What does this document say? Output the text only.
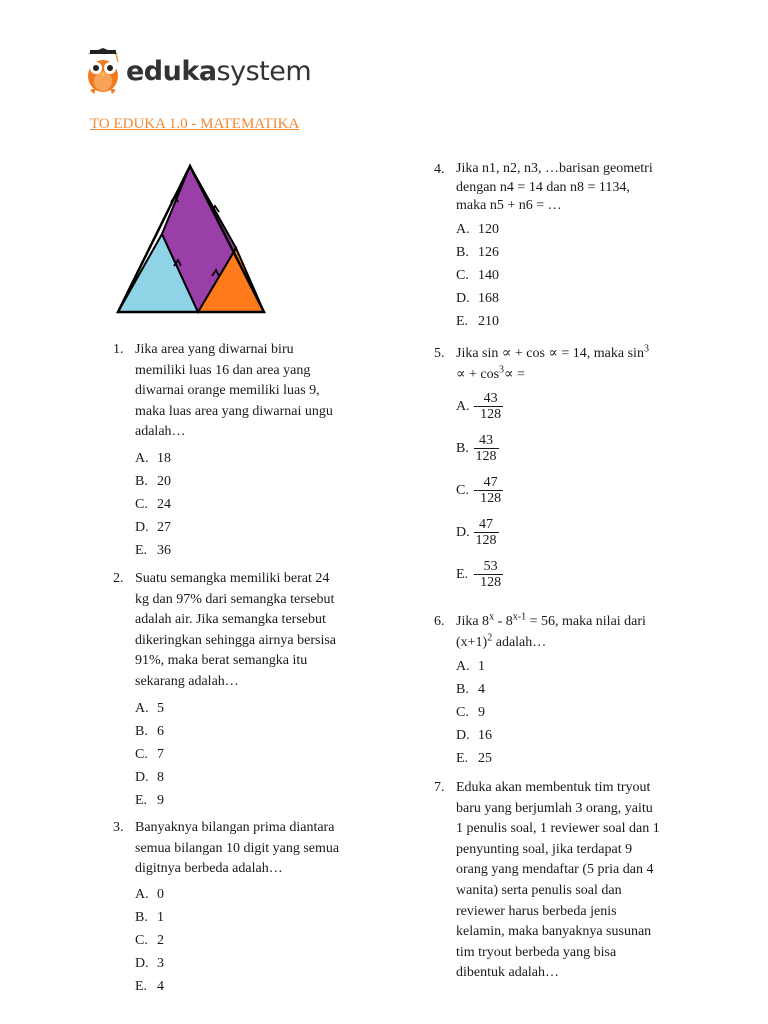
edukasystem
TO EDUKA 1.0 - MATEMATIKA
1. Jika area yang diwarnai biru
memiliki luas 16 dan area yang
diwarnai orange memiliki luas 9,
maka luas area yang diwarnai ungu
adalah…
A. 18
B. 20
C. 24
D. 27
E. 36
2. Suatu semangka memiliki berat 24
kg dan 97% dari semangka tersebut
adalah air. Jika semangka tersebut
dikeringkan sehingga airnya bersisa
91%, maka berat semangka itu
sekarang adalah…
A. 5
B. 6
C. 7
D. 8
E. 9
3. Banyaknya bilangan prima diantara
semua bilangan 10 digit yang semua
digitnya berbeda adalah…
A. 0
B. 1
C. 2
D. 3
E. 4
4. Jika n1, n2, n3, …barisan geometri
dengan n4 = 14 dan n8 = 1134,
maka n5 + n6 = …
A. 120
B. 126
C. 140
D. 168
E. 210
5. Jika sin ∝ + cos ∝ = 14, maka $\sin^3$
∝ + $\cos^3\propto$ =
A. - $\frac{43}{128}$
B. $\frac{43}{128}$
C. - $\frac{47}{128}$
D. $\frac{47}{128}$
E. - $\frac{53}{128}$
6. Jika $8^x - 8^{x-1} = 56$, maka nilai dari
$(x+1)^2$ adalah…
A. 1
B. 4
C. 9
D. 16
E. 25
7. Eduka akan membentuk tim tryout
baru yang berjumlah 3 orang, yaitu
1 penulis soal, 1 reviewer soal dan 1
penyunting soal, jika terdapat 9
orang yang mendaftar (5 pria dan 4
wanita) serta penulis soal dan
reviewer harus berbeda jenis
kelamin, maka banyaknya susunan
tim tryout berbeda yang bisa
dibentuk adalah…
